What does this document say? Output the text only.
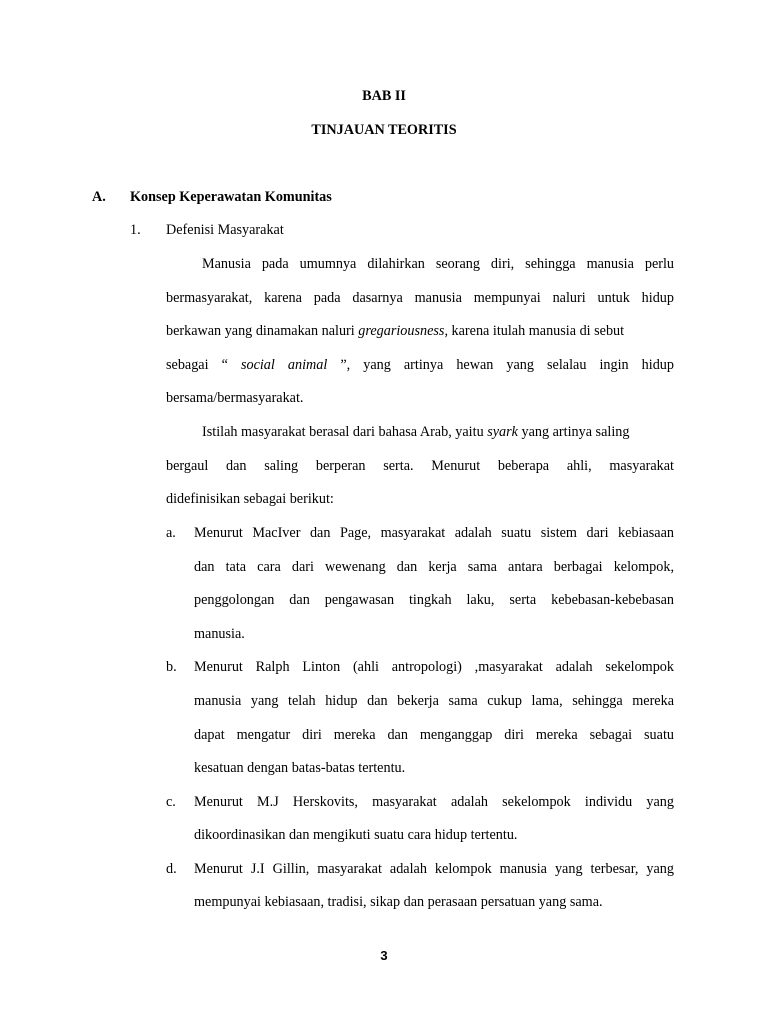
BAB II
TINJAUAN TEORITIS
A. Konsep Keperawatan Komunitas
1. Defenisi Masyarakat
Manusia pada umumnya dilahirkan seorang diri, sehingga manusia perlu
bermasyarakat, karena pada dasarnya manusia mempunyai naluri untuk hidup
berkawan yang dinamakan naluri gregariousness, karena itulah manusia di sebut
sebagai “ social animal ”, yang artinya hewan yang selalau ingin hidup
bersama/bermasyarakat.
Istilah masyarakat berasal dari bahasa Arab, yaitu syark yang artinya saling
bergaul dan saling berperan serta. Menurut beberapa ahli, masyarakat
didefinisikan sebagai berikut:
a. Menurut MacIver dan Page, masyarakat adalah suatu sistem dari kebiasaan
dan tata cara dari wewenang dan kerja sama antara berbagai kelompok,
penggolongan dan pengawasan tingkah laku, serta kebebasan-kebebasan
manusia.
b. Menurut Ralph Linton (ahli antropologi) ,masyarakat adalah sekelompok
manusia yang telah hidup dan bekerja sama cukup lama, sehingga mereka
dapat mengatur diri mereka dan menganggap diri mereka sebagai suatu
kesatuan dengan batas-batas tertentu.
c. Menurut M.J Herskovits, masyarakat adalah sekelompok individu yang
dikoordinasikan dan mengikuti suatu cara hidup tertentu.
d. Menurut J.I Gillin, masyarakat adalah kelompok manusia yang terbesar, yang
mempunyai kebiasaan, tradisi, sikap dan perasaan persatuan yang sama.
3
